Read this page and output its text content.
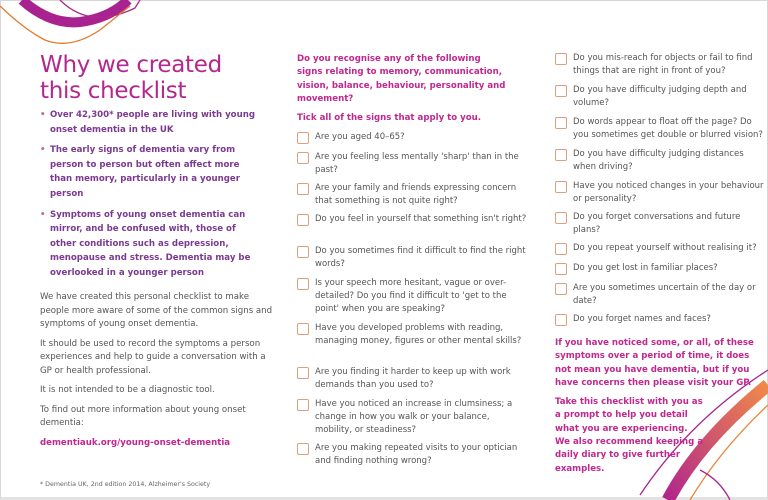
Why we created this checklist
• Over 42,300* people are living with young onset dementia in the UK
• The early signs of dementia vary from person to person but often affect more than memory, particularly in a younger person
• Symptoms of young onset dementia can mirror, and be confused with, those of other conditions such as depression, menopause and stress. Dementia may be overlooked in a younger person

We have created this personal checklist to make people more aware of some of the common signs and symptoms of young onset dementia.

It should be used to record the symptoms a person experiences and help to guide a conversation with a GP or health professional.

It is not intended to be a diagnostic tool.

To find out more information about young onset dementia:

dementiauk.org/young-onset-dementia

* Dementia UK, 2nd edition 2014, Alzheimer's Society

Do you recognise any of the following signs relating to memory, communication, vision, balance, behaviour, personality and movement?

Tick all of the signs that apply to you.

Are you aged 40–65?
Are you feeling less mentally 'sharp' than in the past?
Are your family and friends expressing concern that something is not quite right?
Do you feel in yourself that something isn't right?
Do you sometimes find it difficult to find the right words?
Is your speech more hesitant, vague or over-detailed? Do you find it difficult to 'get to the point' when you are speaking?
Have you developed problems with reading, managing money, figures or other mental skills?
Are you finding it harder to keep up with work demands than you used to?
Have you noticed an increase in clumsiness; a change in how you walk or your balance, mobility, or steadiness?
Are you making repeated visits to your optician and finding nothing wrong?
Do you mis-reach for objects or fail to find things that are right in front of you?
Do you have difficulty judging depth and volume?
Do words appear to float off the page? Do you sometimes get double or blurred vision?
Do you have difficulty judging distances when driving?
Have you noticed changes in your behaviour or personality?
Do you forget conversations and future plans?
Do you repeat yourself without realising it?
Do you get lost in familiar places?
Are you sometimes uncertain of the day or date?
Do you forget names and faces?

If you have noticed some, or all, of these symptoms over a period of time, it does not mean you have dementia, but if you have concerns then please visit your GP.

Take this checklist with you as a prompt to help you detail what you are experiencing. We also recommend keeping a daily diary to give further examples.
